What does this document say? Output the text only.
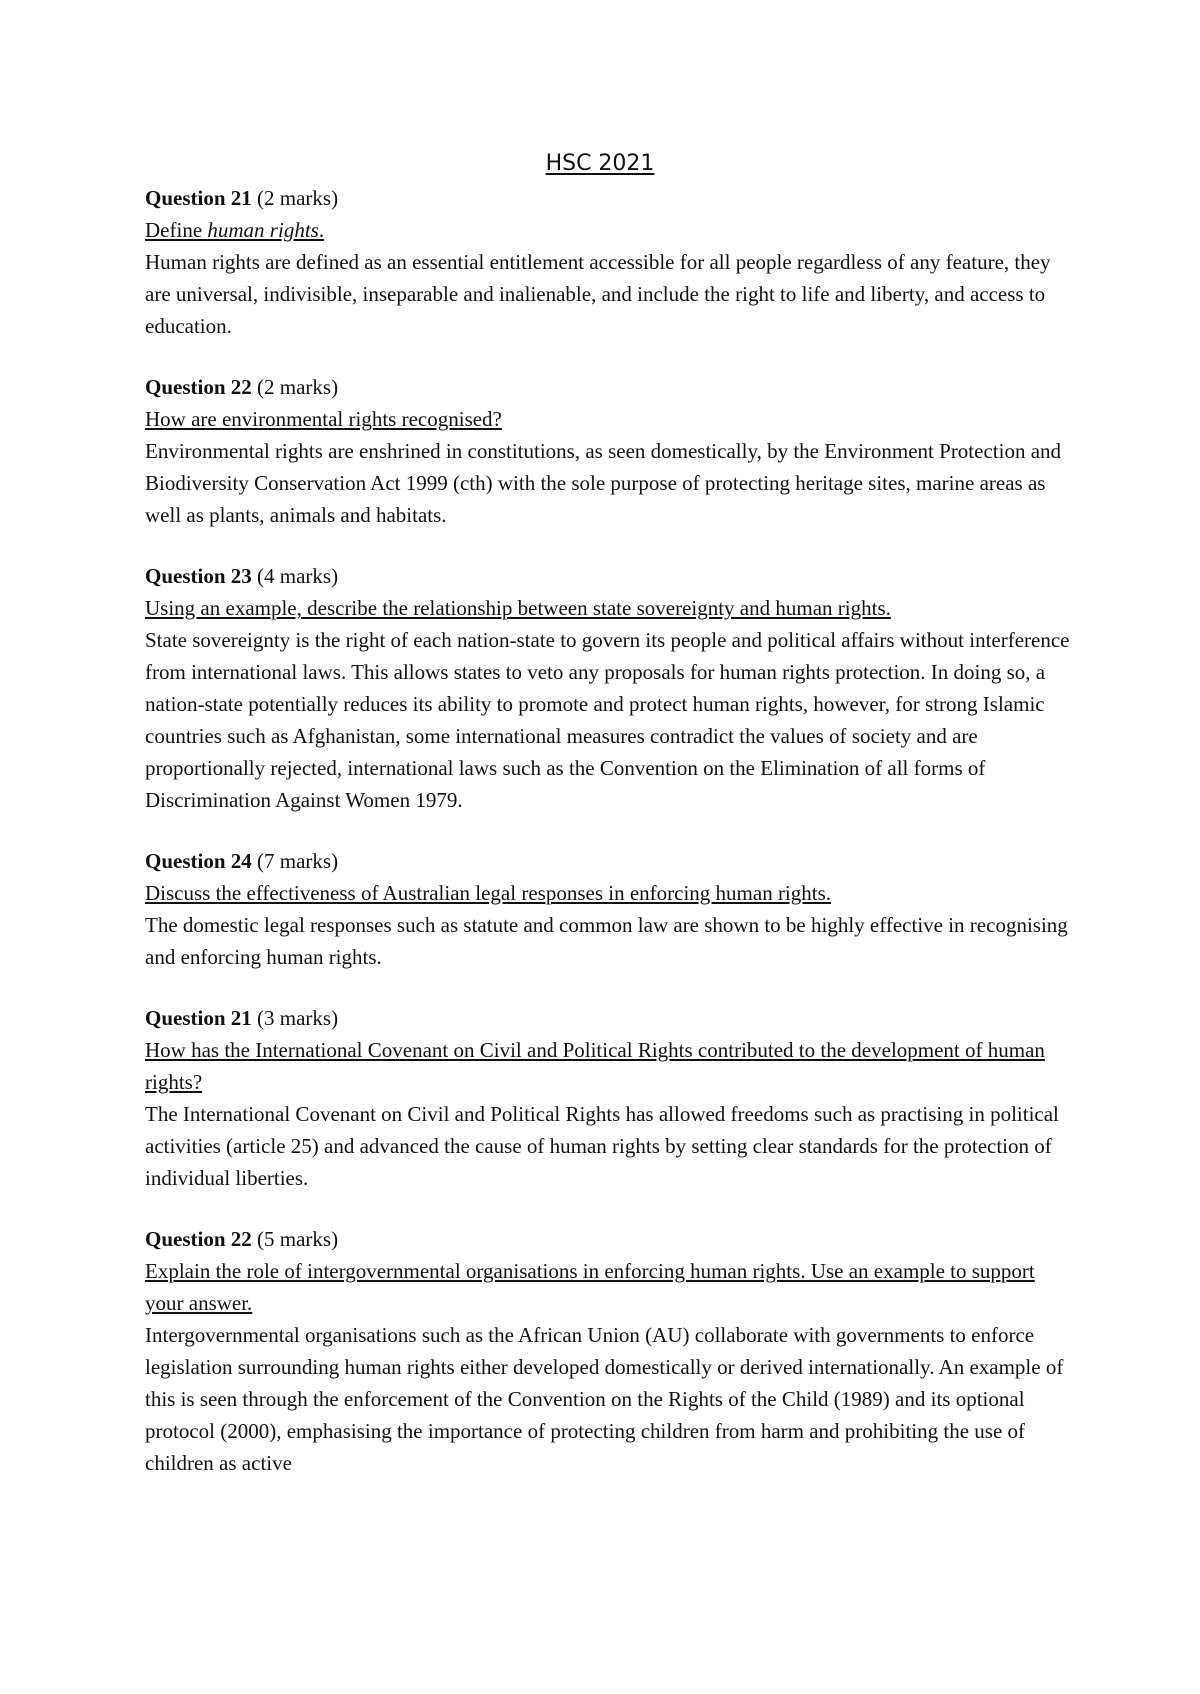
HSC 2021

Question 21 (2 marks)

Define human rights.

Human rights are defined as an essential entitlement accessible for all people regardless of any feature, they are universal, indivisible, inseparable and inalienable, and include the right to life and liberty, and access to education.

Question 22 (2 marks)

How are environmental rights recognised?

Environmental rights are enshrined in constitutions, as seen domestically, by the Environment Protection and Biodiversity Conservation Act 1999 (cth) with the sole purpose of protecting heritage sites, marine areas as well as plants, animals and habitats.

Question 23 (4 marks)

Using an example, describe the relationship between state sovereignty and human rights.

State sovereignty is the right of each nation-state to govern its people and political affairs without interference from international laws. This allows states to veto any proposals for human rights protection. In doing so, a nation-state potentially reduces its ability to promote and protect human rights, however, for strong Islamic countries such as Afghanistan, some international measures contradict the values of society and are proportionally rejected, international laws such as the Convention on the Elimination of all forms of Discrimination Against Women 1979.

Question 24 (7 marks)

Discuss the effectiveness of Australian legal responses in enforcing human rights.

The domestic legal responses such as statute and common law are shown to be highly effective in recognising and enforcing human rights.

Question 21 (3 marks)

How has the International Covenant on Civil and Political Rights contributed to the development of human rights?

The International Covenant on Civil and Political Rights has allowed freedoms such as practising in political activities (article 25) and advanced the cause of human rights by setting clear standards for the protection of individual liberties.

Question 22 (5 marks)

Explain the role of intergovernmental organisations in enforcing human rights. Use an example to support your answer.

Intergovernmental organisations such as the African Union (AU) collaborate with governments to enforce legislation surrounding human rights either developed domestically or derived internationally. An example of this is seen through the enforcement of the Convention on the Rights of the Child (1989) and its optional protocol (2000), emphasising the importance of protecting children from harm and prohibiting the use of children as active
